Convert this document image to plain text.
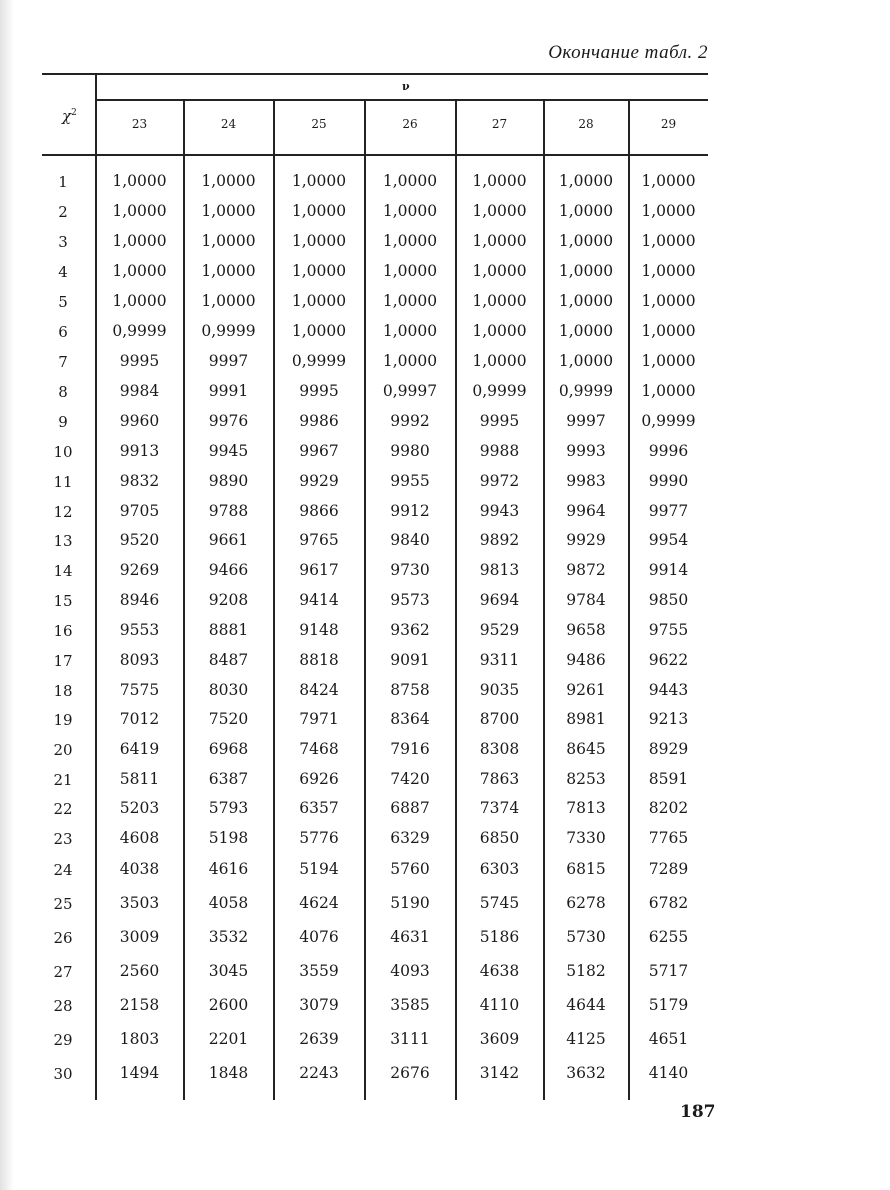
Окончание табл. 2
ν
$\chi^2$
23	24	25	26	27	28	29
1	1,0000	1,0000	1,0000	1,0000	1,0000	1,0000	1,0000
2	1,0000	1,0000	1,0000	1,0000	1,0000	1,0000	1,0000
3	1,0000	1,0000	1,0000	1,0000	1,0000	1,0000	1,0000
4	1,0000	1,0000	1,0000	1,0000	1,0000	1,0000	1,0000
5	1,0000	1,0000	1,0000	1,0000	1,0000	1,0000	1,0000
6	0,9999	0,9999	1,0000	1,0000	1,0000	1,0000	1,0000
7	9995	9997	0,9999	1,0000	1,0000	1,0000	1,0000
8	9984	9991	9995	0,9997	0,9999	0,9999	1,0000
9	9960	9976	9986	9992	9995	9997	0,9999
10	9913	9945	9967	9980	9988	9993	9996
11	9832	9890	9929	9955	9972	9983	9990
12	9705	9788	9866	9912	9943	9964	9977
13	9520	9661	9765	9840	9892	9929	9954
14	9269	9466	9617	9730	9813	9872	9914
15	8946	9208	9414	9573	9694	9784	9850
16	9553	8881	9148	9362	9529	9658	9755
17	8093	8487	8818	9091	9311	9486	9622
18	7575	8030	8424	8758	9035	9261	9443
19	7012	7520	7971	8364	8700	8981	9213
20	6419	6968	7468	7916	8308	8645	8929
21	5811	6387	6926	7420	7863	8253	8591
22	5203	5793	6357	6887	7374	7813	8202
23	4608	5198	5776	6329	6850	7330	7765
24	4038	4616	5194	5760	6303	6815	7289
25	3503	4058	4624	5190	5745	6278	6782
26	3009	3532	4076	4631	5186	5730	6255
27	2560	3045	3559	4093	4638	5182	5717
28	2158	2600	3079	3585	4110	4644	5179
29	1803	2201	2639	3111	3609	4125	4651
30	1494	1848	2243	2676	3142	3632	4140
187
